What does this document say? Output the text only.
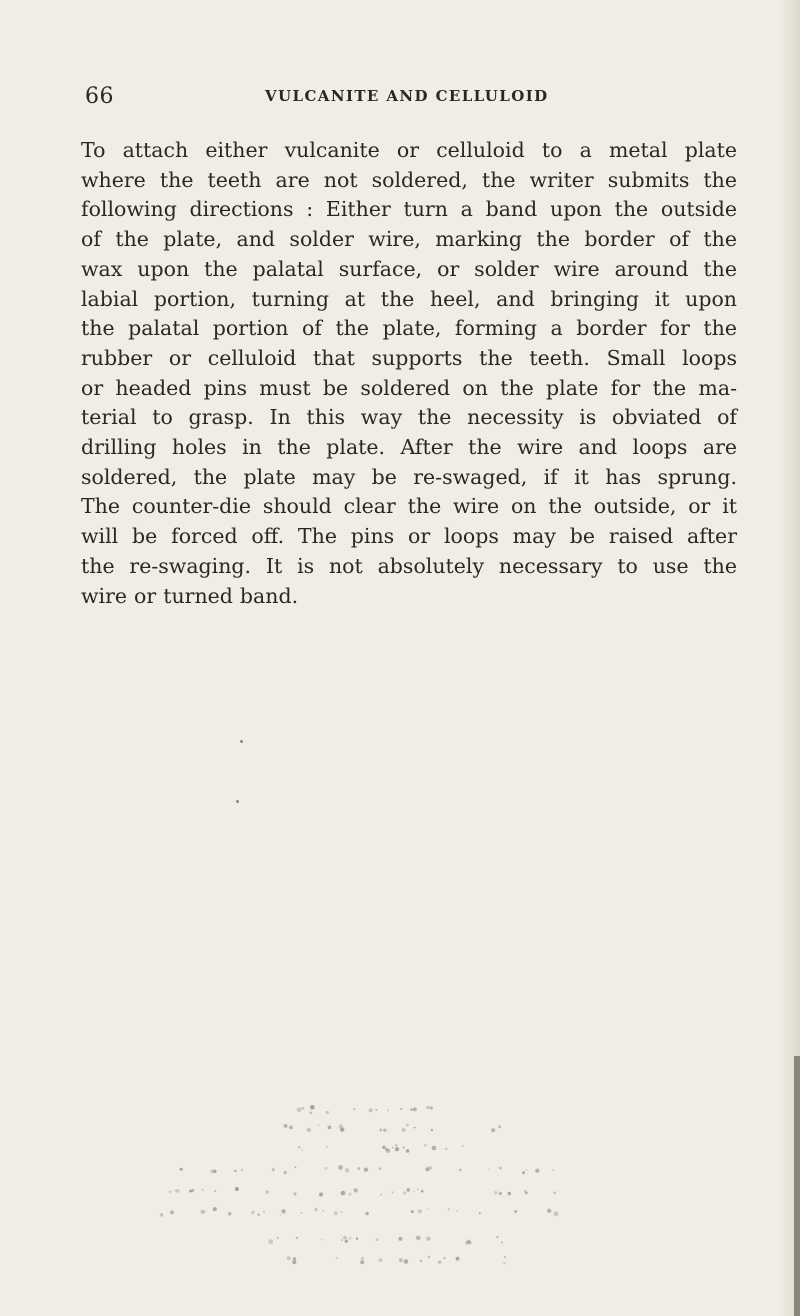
66	VULCANITE AND CELLULOID

To attach either vulcanite or celluloid to a metal plate
where the teeth are not soldered, the writer submits the
following directions : Either turn a band upon the outside
of the plate, and solder wire, marking the border of the
wax upon the palatal surface, or solder wire around the
labial portion, turning at the heel, and bringing it upon
the palatal portion of the plate, forming a border for the
rubber or celluloid that supports the teeth. Small loops
or headed pins must be soldered on the plate for the ma-
terial to grasp. In this way the necessity is obviated of
drilling holes in the plate. After the wire and loops are
soldered, the plate may be re-swaged, if it has sprung.
The counter-die should clear the wire on the outside, or it
will be forced off. The pins or loops may be raised after
the re-swaging. It is not absolutely necessary to use the
wire or turned band.
